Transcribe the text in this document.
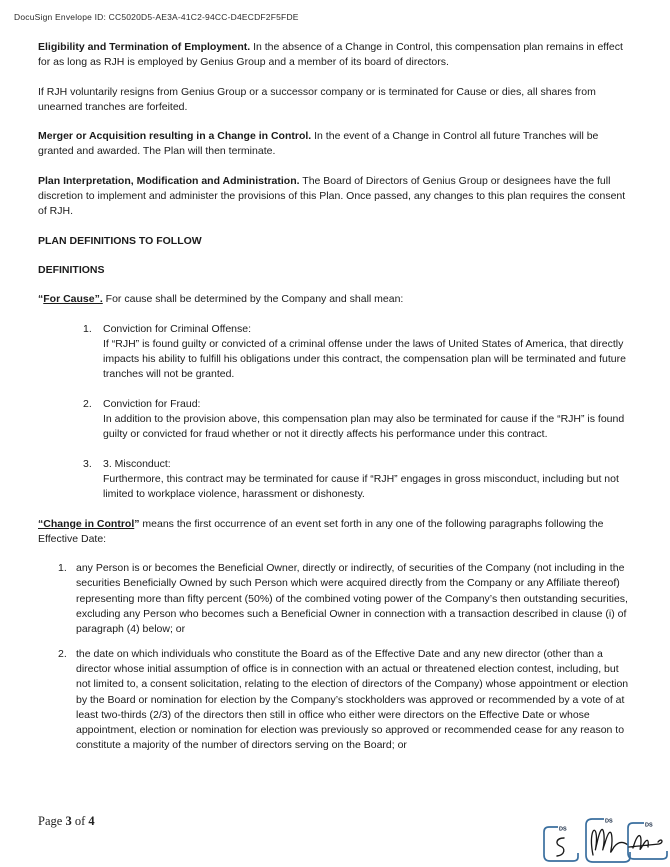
DocuSign Envelope ID: CC5020D5-AE3A-41C2-94CC-D4ECDF2F5FDE

Eligibility and Termination of Employment. In the absence of a Change in Control, this compensation plan remains in effect for as long as RJH is employed by Genius Group and a member of its board of directors.

If RJH voluntarily resigns from Genius Group or a successor company or is terminated for Cause or dies, all shares from unearned tranches are forfeited.

Merger or Acquisition resulting in a Change in Control. In the event of a Change in Control all future Tranches will be granted and awarded. The Plan will then terminate.

Plan Interpretation, Modification and Administration. The Board of Directors of Genius Group or designees have the full discretion to implement and administer the provisions of this Plan. Once passed, any changes to this plan requires the consent of RJH.

PLAN DEFINITIONS TO FOLLOW

DEFINITIONS

“For Cause”. For cause shall be determined by the Company and shall mean:

1.	Conviction for Criminal Offense:
If “RJH” is found guilty or convicted of a criminal offense under the laws of United States of America, that directly impacts his ability to fulfill his obligations under this contract, the compensation plan will be terminated and future tranches will not be granted.
2.	Conviction for Fraud:
In addition to the provision above, this compensation plan may also be terminated for cause if the “RJH” is found guilty or convicted for fraud whether or not it directly affects his performance under this contract.
3.	3. Misconduct:
Furthermore, this contract may be terminated for cause if “RJH” engages in gross misconduct, including but not limited to workplace violence, harassment or dishonesty.

“Change in Control” means the first occurrence of an event set forth in any one of the following paragraphs following the Effective Date:

1. any Person is or becomes the Beneficial Owner, directly or indirectly, of securities of the Company (not including in the securities Beneficially Owned by such Person which were acquired directly from the Company or any Affiliate thereof) representing more than fifty percent (50%) of the combined voting power of the Company’s then outstanding securities, excluding any Person who becomes such a Beneficial Owner in connection with a transaction described in clause (i) of paragraph (4) below; or
2. the date on which individuals who constitute the Board as of the Effective Date and any new director (other than a director whose initial assumption of office is in connection with an actual or threatened election contest, including, but not limited to, a consent solicitation, relating to the election of directors of the Company) whose appointment or election by the Board or nomination for election by the Company’s stockholders was approved or recommended by a vote of at least two-thirds (2/3) of the directors then still in office who either were directors on the Effective Date or whose appointment, election or nomination for election was previously so approved or recommended cease for any reason to constitute a majority of the number of directors serving on the Board; or
Page 3 of 4
DS
DS
DS
